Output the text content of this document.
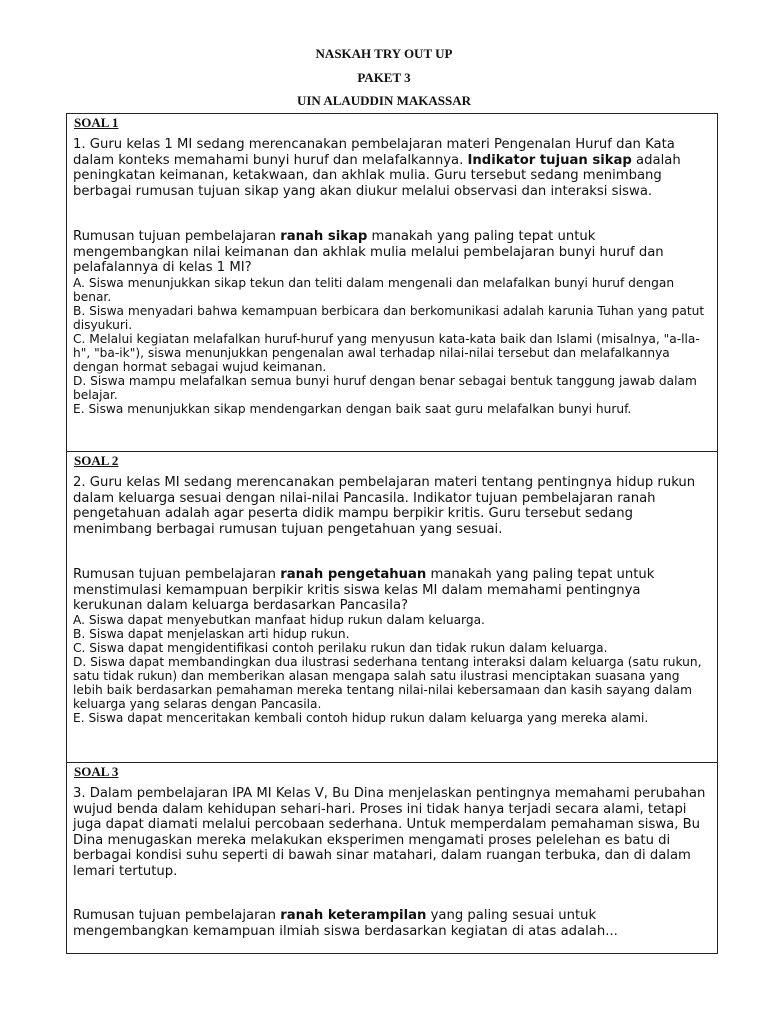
NASKAH TRY OUT UP
PAKET 3
UIN ALAUDDIN MAKASSAR
SOAL 1

1. Guru kelas 1 MI sedang merencanakan pembelajaran materi Pengenalan Huruf dan Kata dalam konteks memahami bunyi huruf dan melafalkannya. Indikator tujuan sikap adalah peningkatan keimanan, ketakwaan, dan akhlak mulia. Guru tersebut sedang menimbang berbagai rumusan tujuan sikap yang akan diukur melalui observasi dan interaksi siswa.

Rumusan tujuan pembelajaran ranah sikap manakah yang paling tepat untuk mengembangkan nilai keimanan dan akhlak mulia melalui pembelajaran bunyi huruf dan pelafalannya di kelas 1 MI?

A. Siswa menunjukkan sikap tekun dan teliti dalam mengenali dan melafalkan bunyi huruf dengan benar.

B. Siswa menyadari bahwa kemampuan berbicara dan berkomunikasi adalah karunia Tuhan yang patut disyukuri.

C. Melalui kegiatan melafalkan huruf-huruf yang menyusun kata-kata baik dan Islami (misalnya, "a-lla-h", "ba-ik"), siswa menunjukkan pengenalan awal terhadap nilai-nilai tersebut dan melafalkannya dengan hormat sebagai wujud keimanan.

D. Siswa mampu melafalkan semua bunyi huruf dengan benar sebagai bentuk tanggung jawab dalam belajar.

E. Siswa menunjukkan sikap mendengarkan dengan baik saat guru melafalkan bunyi huruf.

SOAL 2

2. Guru kelas MI sedang merencanakan pembelajaran materi tentang pentingnya hidup rukun dalam keluarga sesuai dengan nilai-nilai Pancasila. Indikator tujuan pembelajaran ranah pengetahuan adalah agar peserta didik mampu berpikir kritis. Guru tersebut sedang menimbang berbagai rumusan tujuan pengetahuan yang sesuai.

Rumusan tujuan pembelajaran ranah pengetahuan manakah yang paling tepat untuk menstimulasi kemampuan berpikir kritis siswa kelas MI dalam memahami pentingnya kerukunan dalam keluarga berdasarkan Pancasila?

A. Siswa dapat menyebutkan manfaat hidup rukun dalam keluarga.

B. Siswa dapat menjelaskan arti hidup rukun.

C. Siswa dapat mengidentifikasi contoh perilaku rukun dan tidak rukun dalam keluarga.

D. Siswa dapat membandingkan dua ilustrasi sederhana tentang interaksi dalam keluarga (satu rukun, satu tidak rukun) dan memberikan alasan mengapa salah satu ilustrasi menciptakan suasana yang lebih baik berdasarkan pemahaman mereka tentang nilai-nilai kebersamaan dan kasih sayang dalam keluarga yang selaras dengan Pancasila.

E. Siswa dapat menceritakan kembali contoh hidup rukun dalam keluarga yang mereka alami.

SOAL 3

3. Dalam pembelajaran IPA MI Kelas V, Bu Dina menjelaskan pentingnya memahami perubahan wujud benda dalam kehidupan sehari-hari. Proses ini tidak hanya terjadi secara alami, tetapi juga dapat diamati melalui percobaan sederhana. Untuk memperdalam pemahaman siswa, Bu Dina menugaskan mereka melakukan eksperimen mengamati proses pelelehan es batu di berbagai kondisi suhu seperti di bawah sinar matahari, dalam ruangan terbuka, dan di dalam lemari tertutup.

Rumusan tujuan pembelajaran ranah keterampilan yang paling sesuai untuk mengembangkan kemampuan ilmiah siswa berdasarkan kegiatan di atas adalah...
